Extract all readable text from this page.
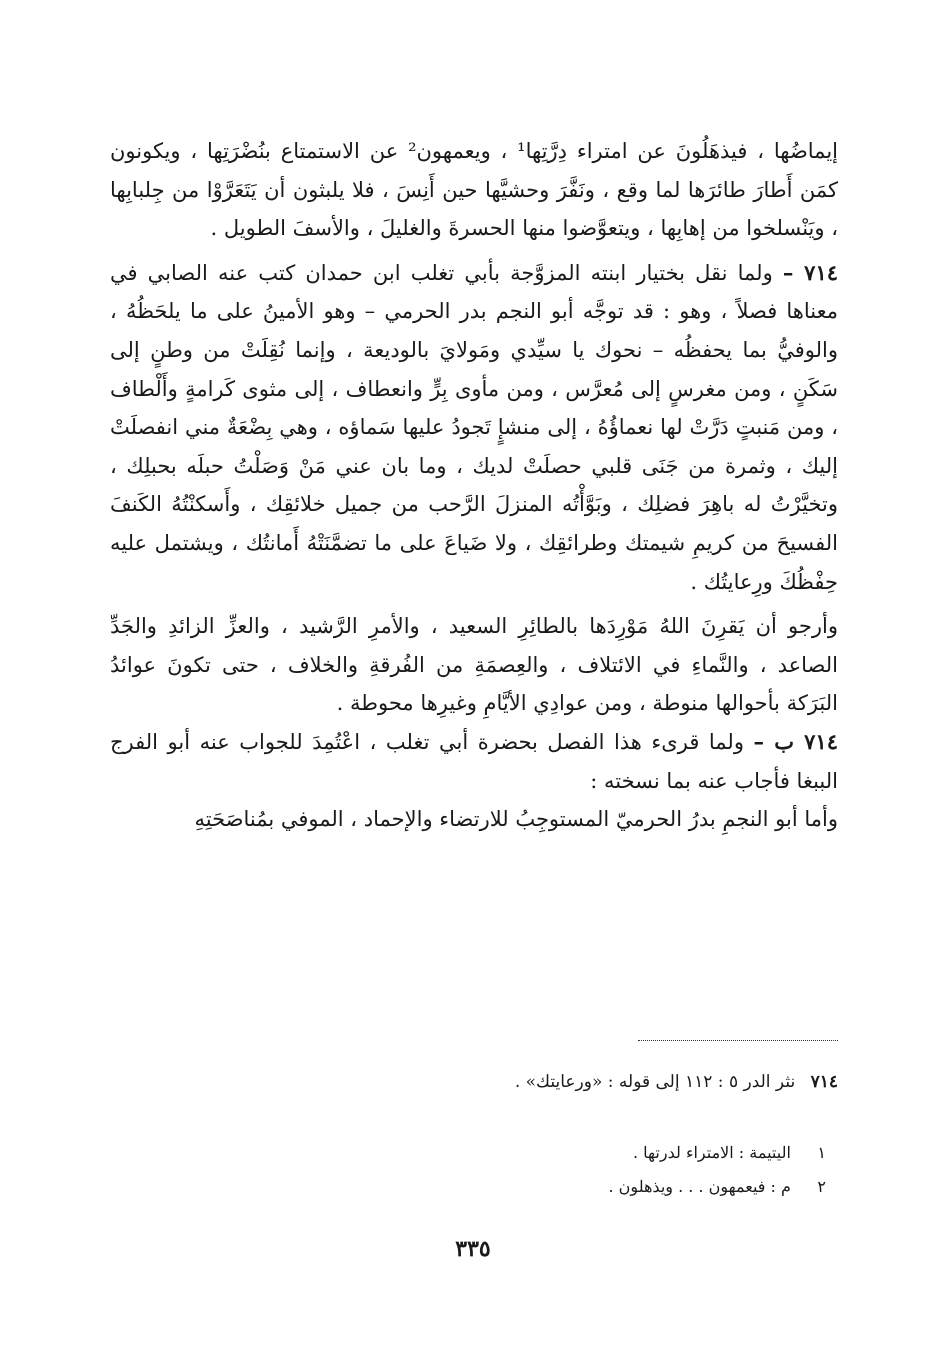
إيماضُها ، فيذهَلُونَ عن امتراء دِرَّتِها¹ ، ويعمهون² عن الاستمتاع بنُضْرَتِها ، ويكونون كمَن أَطارَ طائرَها لما وقع ، ونَفَّرَ وحشيَّها حين أَنِسَ ، فلا يلبثون أن يَتَعَرَّوْا من جِلبابِها ، ويَنْسلخوا من إهابِها ، ويتعوَّضوا منها الحسرةَ والغليلَ ، والأسفَ الطويل .

٧١٤ – ولما نقل بختيار ابنته المزوَّجة بأبي تغلب ابن حمدان كتب عنه الصابي في معناها فصلاً ، وهو : قد توجَّه أبو النجم بدر الحرمي – وهو الأمينُ على ما يلحَظُهُ ، والوفيُّ بما يحفظُه – نحوك يا سيِّدي ومَولايَ بالوديعة ، وإنما نُقِلَتْ من وطنٍ إلى سَكَنٍ ، ومن مغرسٍ إلى مُعرَّس ، ومن مأوى بِرٍّ وانعطاف ، إلى مثوى كَرامةٍ وأَلْطاف ، ومن مَنبتٍ دَرَّتْ لها نعماؤُهُ ، إلى منشإٍ تَجودُ عليها سَماؤه ، وهي بِضْعَةٌ مني انفصلَتْ إليك ، وثمرة من جَنَى قلبي حصلَتْ لديك ، وما بان عني مَنْ وَصَلْتُ حبلَه بحبلِك ، وتخيَّرْتُ له باهِرَ فضلِك ، وبَوَّأْتُه المنزلَ الرَّحب من جميل خلائقِك ، وأَسكنْتُهُ الكَنفَ الفسيحَ من كريمِ شيمتك وطرائقِك ، ولا ضَياعَ على ما تضمَّنَتْهُ أَمانتُك ، ويشتمل عليه حِفْظُكَ ورِعايتُك .

وأرجو أن يَقرِنَ اللهُ مَوْرِدَها بالطائِرِ السعيد ، والأمرِ الرَّشيد ، والعزِّ الزائدِ والجَدِّ الصاعد ، والنَّماءِ في الائتلاف ، والعِصمَةِ من الفُرقةِ والخلاف ، حتى تكونَ عوائدُ البَرَكة بأحوالها منوطة ، ومن عوادِي الأيَّامِ وغيرِها محوطة .

٧١٤ ب – ولما قرىء هذا الفصل بحضرة أبي تغلب ، اعْتُمِدَ للجواب عنه أبو الفرج الببغا فأجاب عنه بما نسخته :

وأما أبو النجمِ بدرُ الحرميّ المستوجِبُ للارتضاء والإحماد ، الموفي بمُناصَحَتِهِ

٧١٤ نثر الدر ٥ : ١١٢ إلى قوله : «ورعايتك» .
١ اليتيمة : الامتراء لدرتها .
٢ م : فيعمهون . . . ويذهلون .
٣٣٥
